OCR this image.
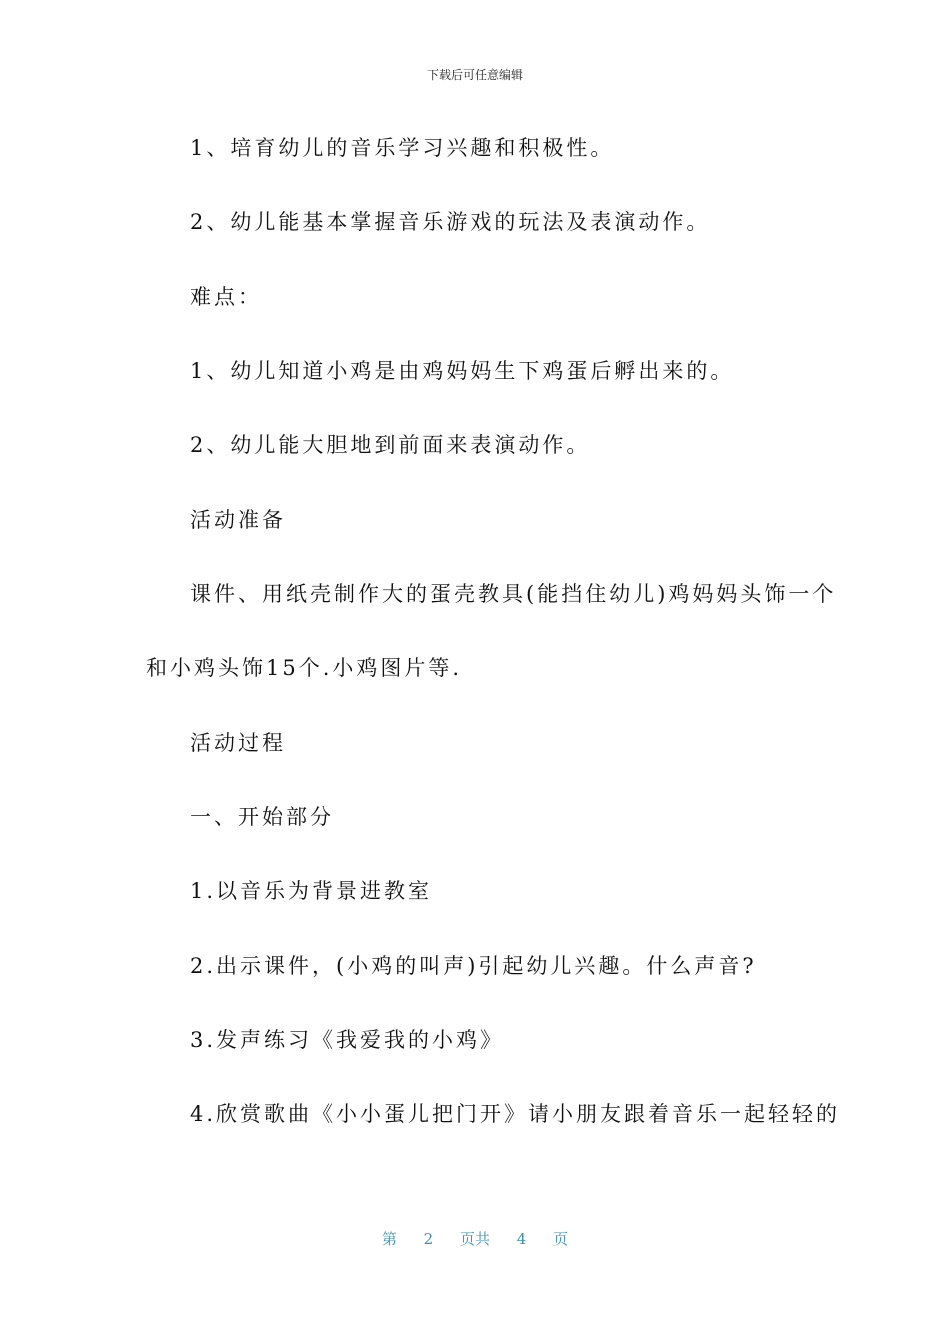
下载后可任意编辑
1、培育幼儿的音乐学习兴趣和积极性。
2、幼儿能基本掌握音乐游戏的玩法及表演动作。
难点：
1、幼儿知道小鸡是由鸡妈妈生下鸡蛋后孵出来的。
2、幼儿能大胆地到前面来表演动作。
活动准备
课件、用纸壳制作大的蛋壳教具(能挡住幼儿)鸡妈妈头饰一个
和小鸡头饰15个.小鸡图片等.
活动过程
一、开始部分
1.以音乐为背景进教室
2.出示课件，(小鸡的叫声)引起幼儿兴趣。什么声音?
3.发声练习《我爱我的小鸡》
4.欣赏歌曲《小小蛋儿把门开》请小朋友跟着音乐一起轻轻的
第 2 页共 4 页
